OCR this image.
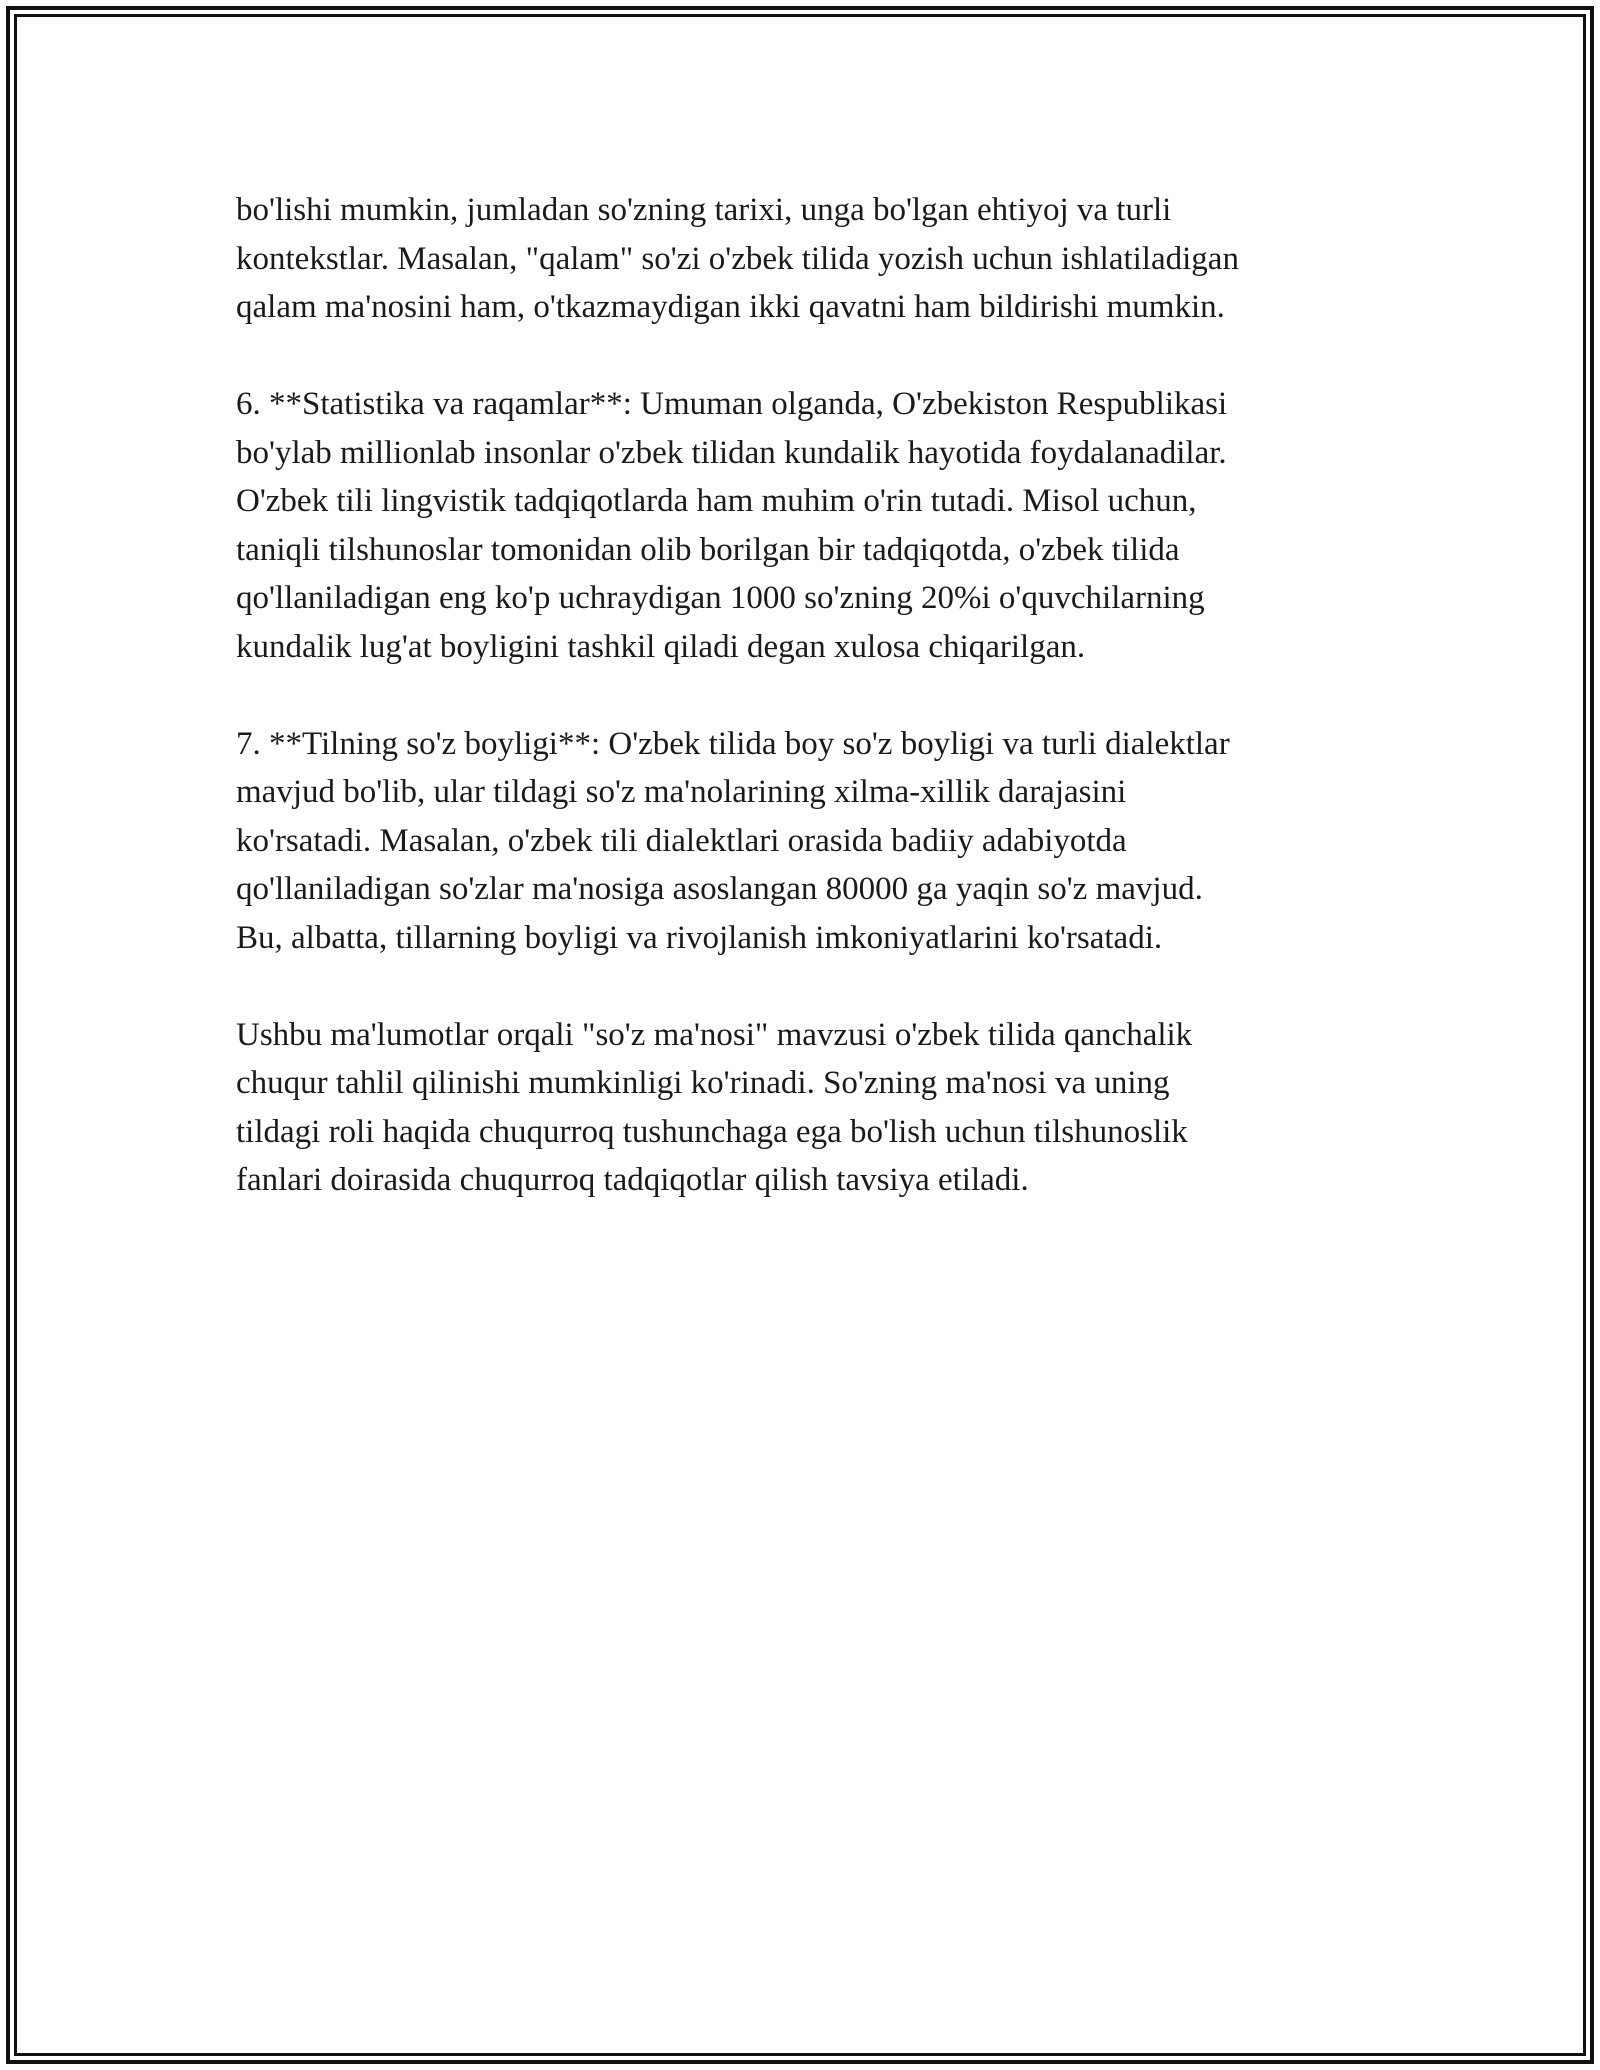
bo'lishi mumkin, jumladan so'zning tarixi, unga bo'lgan ehtiyoj va turli
kontekstlar. Masalan, "qalam" so'zi o'zbek tilida yozish uchun ishlatiladigan
qalam ma'nosini ham, o'tkazmaydigan ikki qavatni ham bildirishi mumkin.

6. **Statistika va raqamlar**: Umuman olganda, O'zbekiston Respublikasi
bo'ylab millionlab insonlar o'zbek tilidan kundalik hayotida foydalanadilar.
O'zbek tili lingvistik tadqiqotlarda ham muhim o'rin tutadi. Misol uchun,
taniqli tilshunoslar tomonidan olib borilgan bir tadqiqotda, o'zbek tilida
qo'llaniladigan eng ko'p uchraydigan 1000 so'zning 20%i o'quvchilarning
kundalik lug'at boyligini tashkil qiladi degan xulosa chiqarilgan.

7. **Tilning so'z boyligi**: O'zbek tilida boy so'z boyligi va turli dialektlar
mavjud bo'lib, ular tildagi so'z ma'nolarining xilma-xillik darajasini
ko'rsatadi. Masalan, o'zbek tili dialektlari orasida badiiy adabiyotda
qo'llaniladigan so'zlar ma'nosiga asoslangan 80000 ga yaqin so'z mavjud.
Bu, albatta, tillarning boyligi va rivojlanish imkoniyatlarini ko'rsatadi.

Ushbu ma'lumotlar orqali "so'z ma'nosi" mavzusi o'zbek tilida qanchalik
chuqur tahlil qilinishi mumkinligi ko'rinadi. So'zning ma'nosi va uning
tildagi roli haqida chuqurroq tushunchaga ega bo'lish uchun tilshunoslik
fanlari doirasida chuqurroq tadqiqotlar qilish tavsiya etiladi.
